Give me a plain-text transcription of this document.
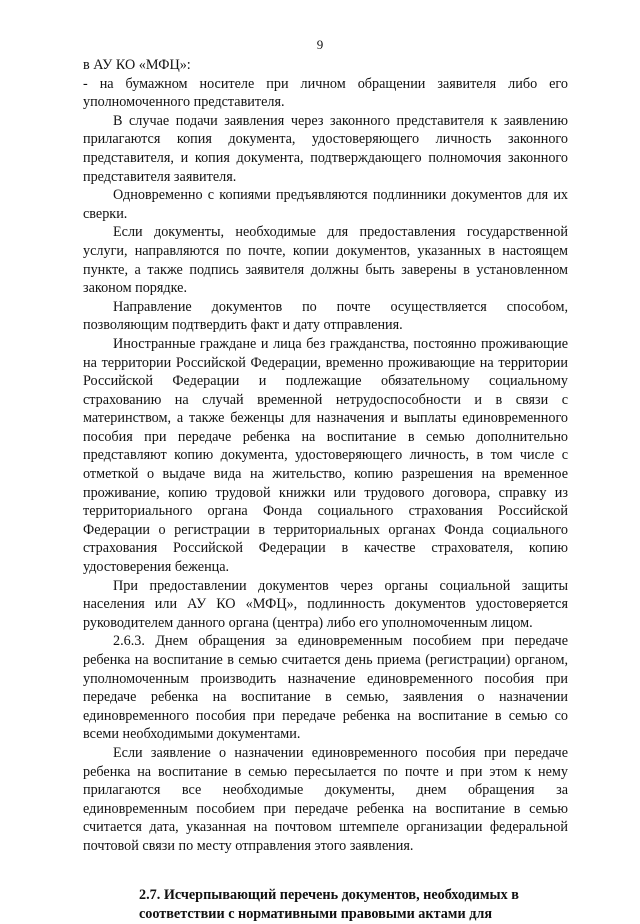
9

в АУ КО «МФЦ»:

- на бумажном носителе при личном обращении заявителя либо его уполномоченного представителя.

В случае подачи заявления через законного представителя к заявлению прилагаются копия документа, удостоверяющего личность законного представителя, и копия документа, подтверждающего полномочия законного представителя заявителя.

Одновременно с копиями предъявляются подлинники документов для их сверки.

Если документы, необходимые для предоставления государственной услуги, направляются по почте, копии документов, указанных в настоящем пункте, а также подпись заявителя должны быть заверены в установленном законом порядке.

Направление документов по почте осуществляется способом, позволяющим подтвердить факт и дату отправления.

Иностранные граждане и лица без гражданства, постоянно проживающие на территории Российской Федерации, временно проживающие на территории Российской Федерации и подлежащие обязательному социальному страхованию на случай временной нетрудоспособности и в связи с материнством, а также беженцы для назначения и выплаты единовременного пособия при передаче ребенка на воспитание в семью дополнительно представляют копию документа, удостоверяющего личность, в том числе с отметкой о выдаче вида на жительство, копию разрешения на временное проживание, копию трудовой книжки или трудового договора, справку из территориального органа Фонда социального страхования Российской Федерации о регистрации в территориальных органах Фонда социального страхования Российской Федерации в качестве страхователя, копию удостоверения беженца.

При предоставлении документов через органы социальной защиты населения или АУ КО «МФЦ», подлинность документов удостоверяется руководителем данного органа (центра) либо его уполномоченным лицом.

2.6.3. Днем обращения за единовременным пособием при передаче ребенка на воспитание в семью считается день приема (регистрации) органом, уполномоченным производить назначение единовременного пособия при передаче ребенка на воспитание в семью, заявления о назначении единовременного пособия при передаче ребенка на воспитание в семью со всеми необходимыми документами.

Если заявление о назначении единовременного пособия при передаче ребенка на воспитание в семью пересылается по почте и при этом к нему прилагаются все необходимые документы, днем обращения за единовременным пособием при передаче ребенка на воспитание в семью считается дата, указанная на почтовом штемпеле организации федеральной почтовой связи по месту отправления этого заявления.

2.7. Исчерпывающий перечень документов, необходимых в
соответствии с нормативными правовыми актами для
